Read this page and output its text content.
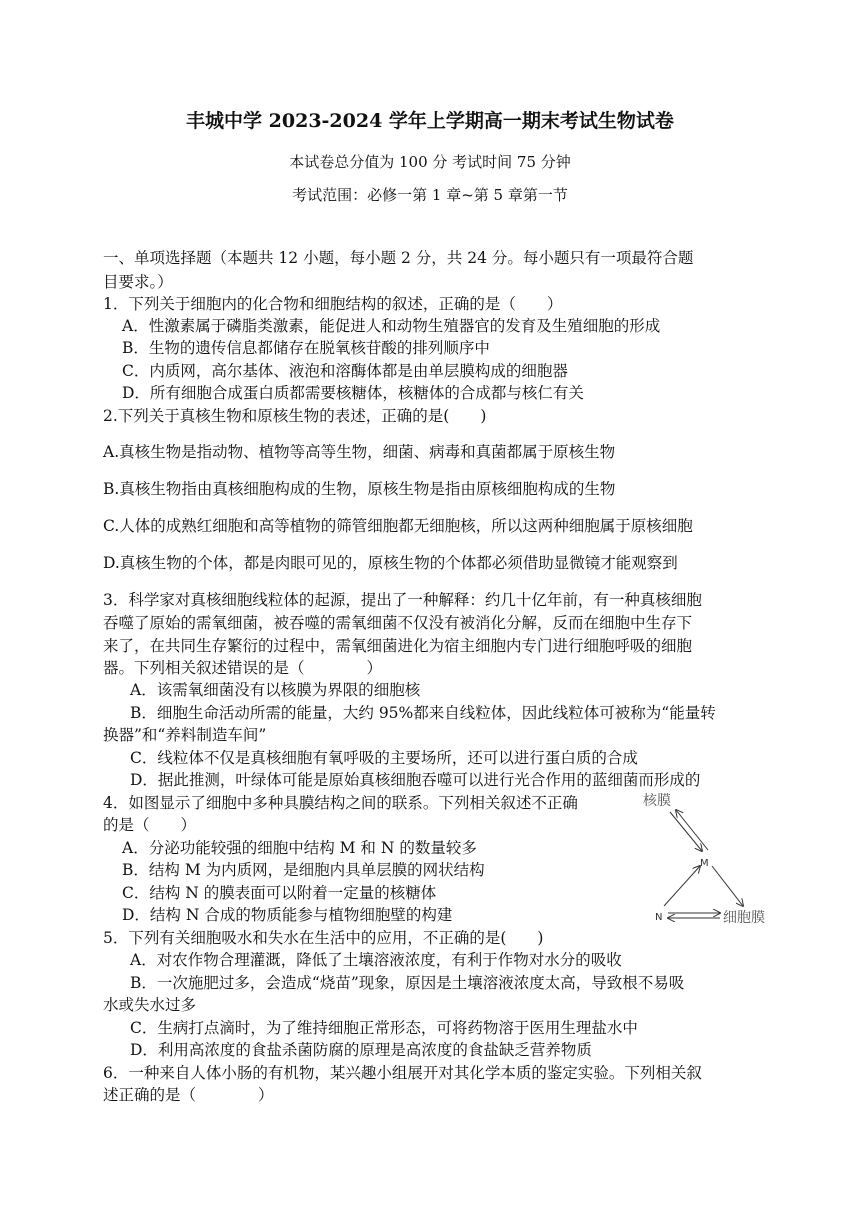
丰城中学 2023-2024 学年上学期高一期末考试生物试卷
本试卷总分值为 100 分 考试时间 75 分钟
考试范围：必修一第 1 章~第 5 章第一节
一、单项选择题（本题共 12 小题，每小题 2 分，共 24 分。每小题只有一项最符合题
目要求。）
1．下列关于细胞内的化合物和细胞结构的叙述，正确的是（　　）
A．性激素属于磷脂类激素，能促进人和动物生殖器官的发育及生殖细胞的形成
B．生物的遗传信息都储存在脱氧核苷酸的排列顺序中
C．内质网，高尔基体、液泡和溶酶体都是由单层膜构成的细胞器
D．所有细胞合成蛋白质都需要核糖体，核糖体的合成都与核仁有关
2.下列关于真核生物和原核生物的表述，正确的是(　　)
A.真核生物是指动物、植物等高等生物，细菌、病毒和真菌都属于原核生物
B.真核生物指由真核细胞构成的生物，原核生物是指由原核细胞构成的生物
C.人体的成熟红细胞和高等植物的筛管细胞都无细胞核，所以这两种细胞属于原核细胞
D.真核生物的个体，都是肉眼可见的，原核生物的个体都必须借助显微镜才能观察到
3．科学家对真核细胞线粒体的起源，提出了一种解释：约几十亿年前，有一种真核细胞
吞噬了原始的需氧细菌，被吞噬的需氧细菌不仅没有被消化分解，反而在细胞中生存下
来了，在共同生存繁衍的过程中，需氧细菌进化为宿主细胞内专门进行细胞呼吸的细胞
器。下列相关叙述错误的是（　　　　）
A．该需氧细菌没有以核膜为界限的细胞核
B．细胞生命活动所需的能量，大约 95%都来自线粒体，因此线粒体可被称为“能量转
换器”和“养料制造车间”
C．线粒体不仅是真核细胞有氧呼吸的主要场所，还可以进行蛋白质的合成
D．据此推测，叶绿体可能是原始真核细胞吞噬可以进行光合作用的蓝细菌而形成的
4．如图显示了细胞中多种具膜结构之间的联系。下列相关叙述不正确
的是（　　）
A．分泌功能较强的细胞中结构 M 和 N 的数量较多
B．结构 M 为内质网，是细胞内具单层膜的网状结构
C．结构 N 的膜表面可以附着一定量的核糖体
D．结构 N 合成的物质能参与植物细胞壁的构建
核膜
M
N	细胞膜
5．下列有关细胞吸水和失水在生活中的应用，不正确的是(　　)
A．对农作物合理灌溉，降低了土壤溶液浓度，有利于作物对水分的吸收
B．一次施肥过多，会造成“烧苗”现象，原因是土壤溶液浓度太高，导致根不易吸
水或失水过多
C．生病打点滴时，为了维持细胞正常形态，可将药物溶于医用生理盐水中
D．利用高浓度的食盐杀菌防腐的原理是高浓度的食盐缺乏营养物质
6．一种来自人体小肠的有机物，某兴趣小组展开对其化学本质的鉴定实验。下列相关叙
述正确的是（　　　　）
